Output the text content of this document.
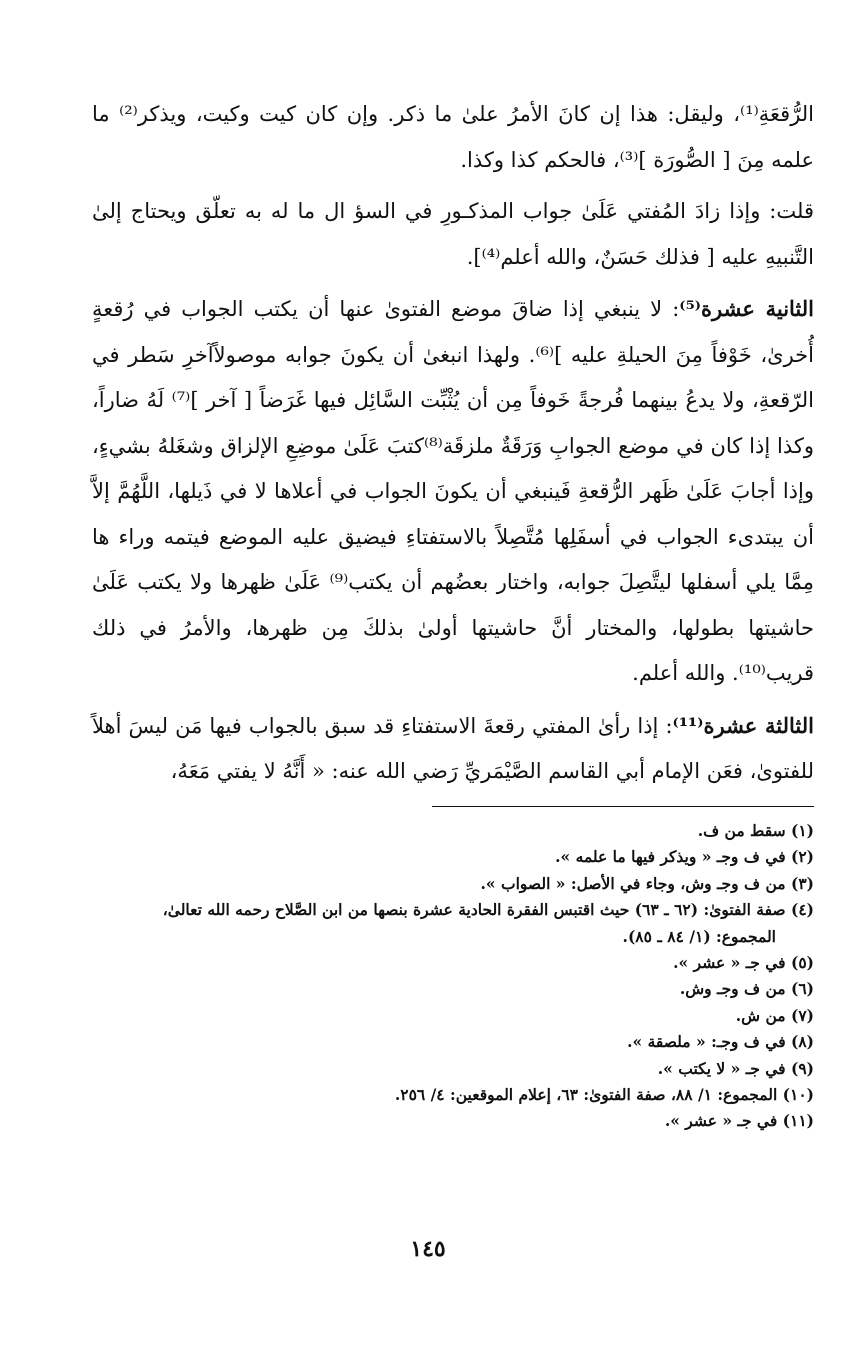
الرُّقعَةِ⁽¹⁾، وليقل: هذا إن كانَ الأمرُ علىٰ ما ذكر. وإن كان كيت وكيت، ويذكر⁽²⁾ ما علمه مِنَ [ الصُّورَة ]⁽³⁾، فالحكم كذا وكذا.

قلت: وإذا زادَ المُفتي عَلَىٰ جواب المذكـورِ في السؤ ال ما له به تعلّق ويحتاج إلىٰ التَّنبيهِ عليه [ فذلك حَسَنٌ، والله أعلم⁽⁴⁾].

الثانية عشرة⁽⁵⁾: لا ينبغي إذا ضاقَ موضع الفتوىٰ عنها أن يكتب الجواب في رُقعةٍ أُخرىٰ، خَوْفاً مِنَ الحيلةِ عليه ]⁽⁶⁾. ولهذا انبغىٰ أن يكونَ جوابه موصولاًآخرِ سَطر في الرّقعةِ، ولا يدعُ بينهما فُرجةً خَوفاً مِن أن يُثْبِّت السَّائِل فيها غَرَضاً [ آخر ]⁽⁷⁾ لَهُ ضاراً، وكذا إذا كان في موضع الجوابِ وَرَقَةٌ ملزقَة⁽⁸⁾كتبَ عَلَىٰ موضِعِ الإلزاق وشغَلهُ بشيءٍ، وإذا أجابَ عَلَىٰ ظَهر الرُّقعةِ فَينبغي أن يكونَ الجواب في أعلاها لا في ذَيلها، اللَّهُمَّ إلاَّ أن يبتدىء الجواب في أسفَلِها مُتَّصِلاً بالاستفتاءِ فيضيق عليه الموضع فيتمه وراء ها مِمَّا يلي أسفلها ليتَّصِلَ جوابه، واختار بعضُهم أن يكتب⁽⁹⁾ عَلَىٰ ظهرها ولا يكتب عَلَىٰ حاشيتها بطولها، والمختار أنَّ حاشيتها أولىٰ بذلكَ مِن ظهرها، والأمرُ في ذلك قريب⁽¹⁰⁾. والله أعلم.

الثالثة عشرة⁽¹¹⁾: إذا رأىٰ المفتي رقعةَ الاستفتاءِ قد سبق بالجواب فيها مَن ليسَ أهلاً للفتوىٰ، فعَن الإمام أبي القاسم الصَّيْمَريِّ رَضي الله عنه: « أَنَّهُ لا يفتي مَعَهُ،

(١) سقط من ف.

(٢) في ف وجـ « ويذكر فيها ما علمه ».

(٣) من ف وجـ وش، وجاء في الأصل: « الصواب ».

(٤) صفة الفتوىٰ: (٦٢ ـ ٦٣) حيث اقتبس الفقرة الحادية عشرة بنصها من ابن الصَّلاح رحمه الله تعالىٰ،

المجموع: (١/ ٨٤ ـ ٨٥).

(٥) في جـ « عشر ».

(٦) من ف وجـ وش.

(٧) من ش.

(٨) في ف وجـ: « ملصقة ».

(٩) في جـ « لا يكتب ».

(١٠) المجموع: ١/ ٨٨، صفة الفتوىٰ: ٦٣، إعلام الموقعين: ٤/ ٢٥٦.

(١١) في جـ « عشر ».

١٤٥
